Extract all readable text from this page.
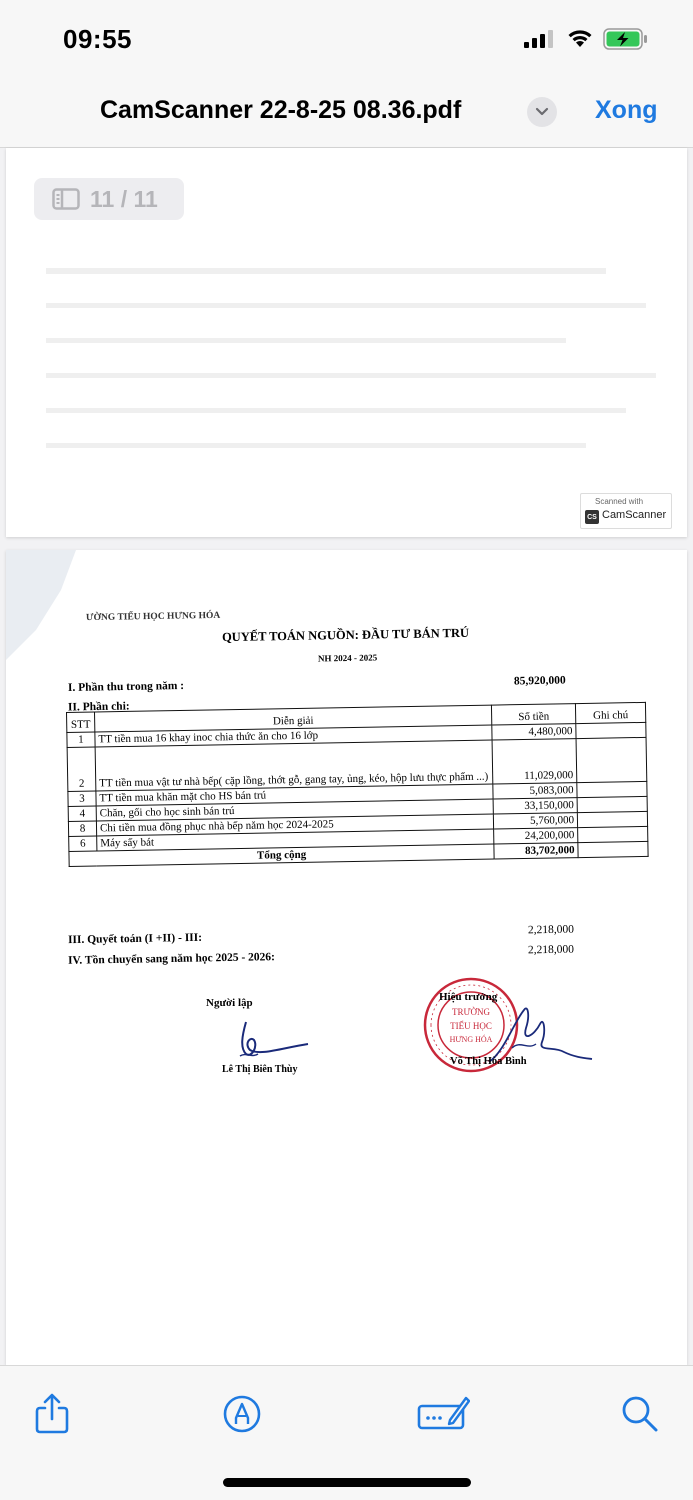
09:55
CamScanner 22-8-25 08.36.pdf	Xong
11 / 11
Scanned with
CS CamScanner
ƯỜNG TIỂU HỌC HƯNG HÓA
QUYẾT TOÁN NGUỒN: ĐẦU TƯ BÁN TRÚ
NH 2024 - 2025
I. Phần thu trong năm :	85,920,000
II. Phần chi:
STT	Diễn giải	Số tiền	Ghi chú
1	TT tiền mua 16 khay inoc chia thức ăn cho 16 lớp	4,480,000	
2	TT tiền mua vật tư nhà bếp( cặp lồng, thớt gỗ, gang tay, ủng, kéo, hộp lưu thực phẩm ...)	11,029,000	
3	TT tiền mua khăn mặt cho HS bán trú	5,083,000	
4	Chăn, gối cho học sinh bán trú	33,150,000	
8	Chi tiền mua đồng phục nhà bếp năm học 2024-2025	5,760,000	
6	Máy sấy bát	24,200,000	
Tổng cộng		83,702,000	
III. Quyết toán (I +II) - III:
2,218,000
IV. Tồn chuyển sang năm học 2025 - 2026:
2,218,000
Người lập
Lê Thị Biên Thùy
TRƯỜNG
TIỂU HỌC
HƯNG HÓA
Hiệu trưởng
Võ Thị Hòa Bình
